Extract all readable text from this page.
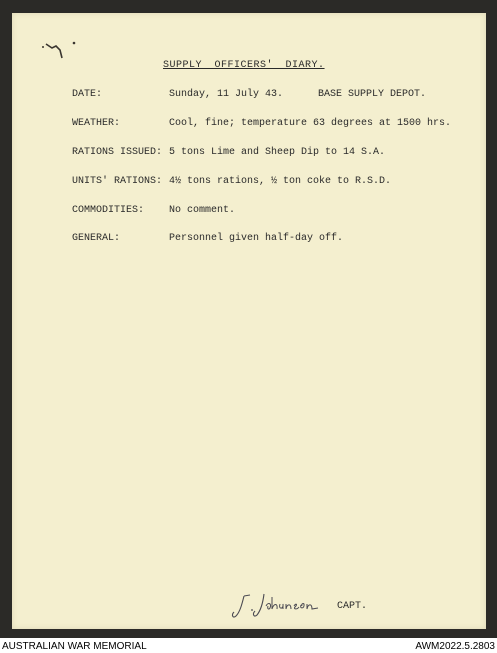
SUPPLY OFFICERS' DIARY.
DATE:	Sunday, 11 July 43.	BASE SUPPLY DEPOT.
WEATHER:	Cool, fine; temperature 63 degrees at 1500 hrs.
RATIONS ISSUED: 5 tons Lime and Sheep Dip to 14 S.A.
UNITS' RATIONS: 4½ tons rations, ½ ton coke to R.S.D.
COMMODITIES: No comment.
GENERAL:	Personnel given half-day off.
CAPT.
AUSTRALIAN WAR MEMORIAL	AWM2022.5.2803
